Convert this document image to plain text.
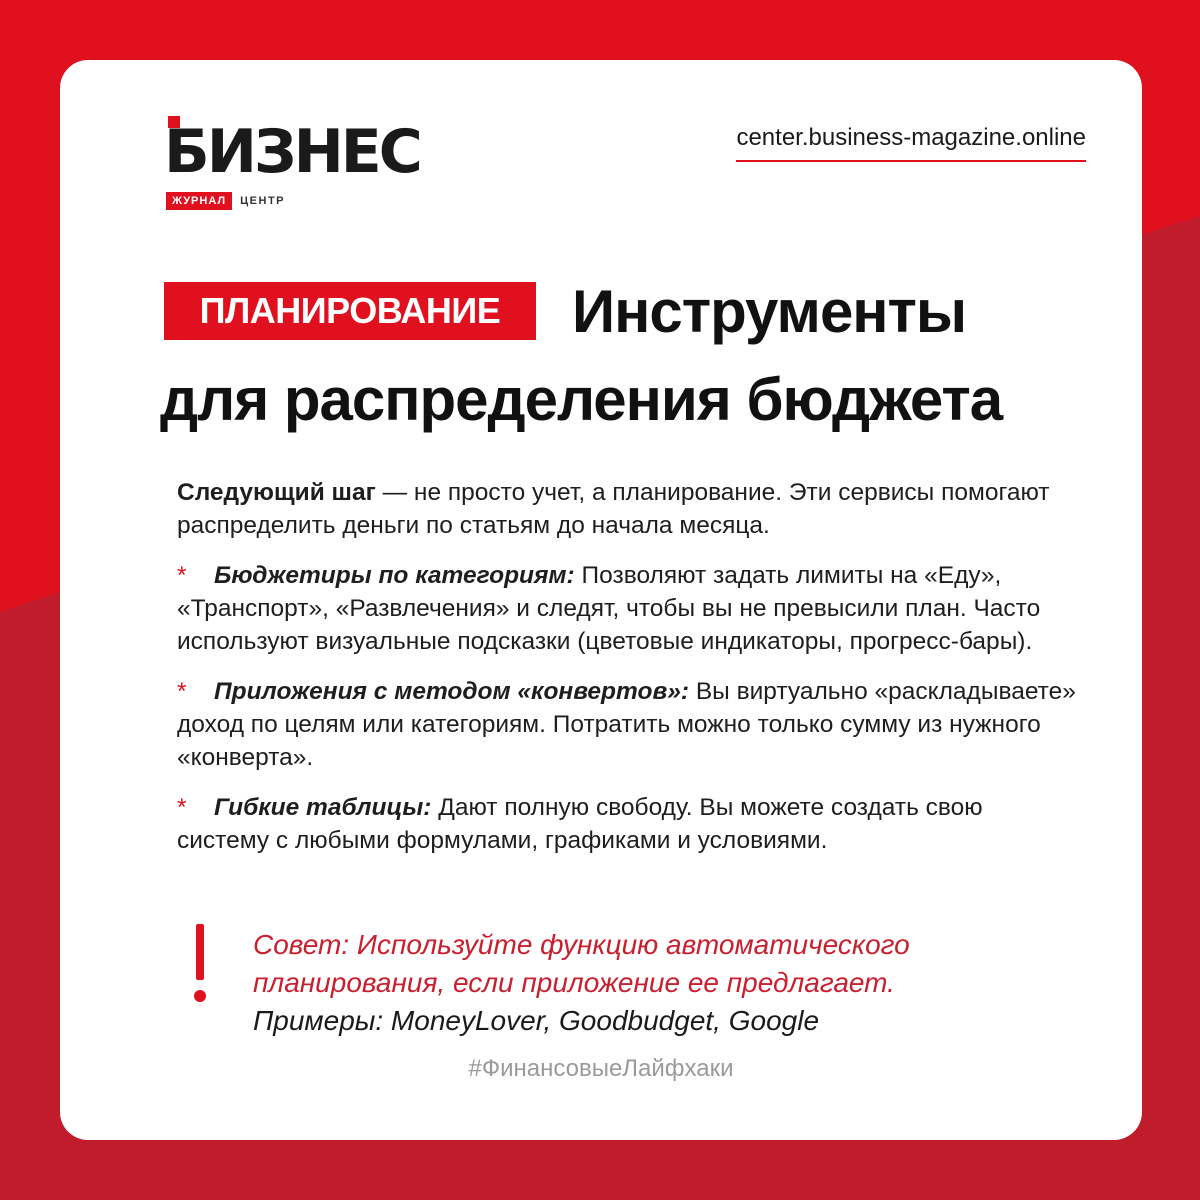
БИЗНЕС
ЖУРНАЛ	ЦЕНТР
center.business-magazine.online
ПЛАНИРОВАНИЕ	Инструменты
для распределения бюджета

Следующий шаг — не просто учет, а планирование. Эти сервисы помогают распределить деньги по статьям до начала месяца.

* Бюджетиры по категориям: Позволяют задать лимиты на «Еду», «Транспорт», «Развлечения» и следят, чтобы вы не превысили план. Часто используют визуальные подсказки (цветовые индикаторы, прогресс-бары).

* Приложения с методом «конвертов»: Вы виртуально «раскладываете» доход по целям или категориям. Потратить можно только сумму из нужного «конверта».

* Гибкие таблицы: Дают полную свободу. Вы можете создать свою систему с любыми формулами, графиками и условиями.

Совет: Используйте функцию автоматического
планирования, если приложение ее предлагает.
Примеры: MoneyLover, Goodbudget, Google
#ФинансовыеЛайфхаки
